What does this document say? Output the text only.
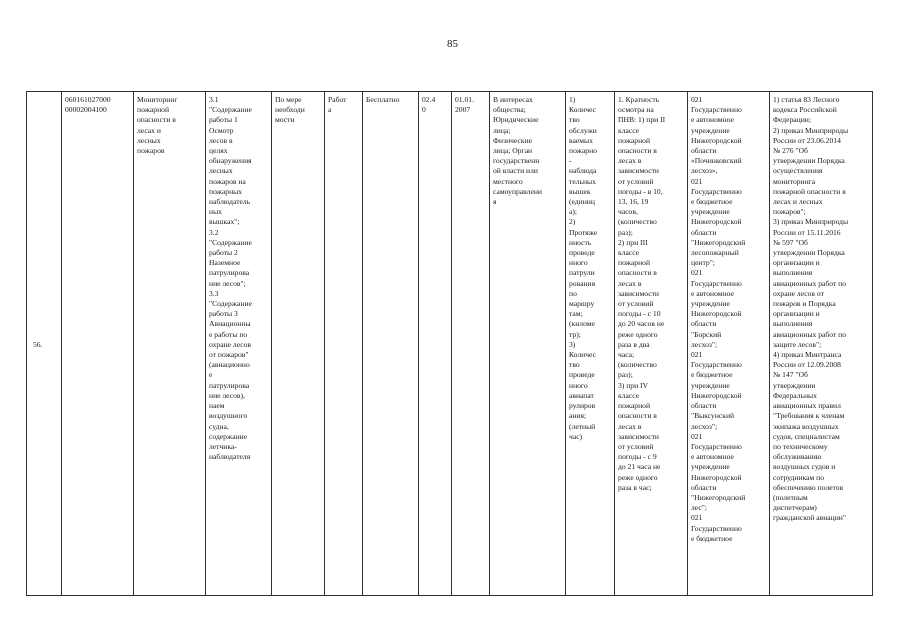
85
56.	
060161027000
00002004100

Мониторинг
пожарной
опасности в
лесах и
лесных
пожаров

3.1
"Содержание
работы 1
Осмотр
лесов в
целях
обнаружения
лесных
пожаров на
пожарных
наблюдатель
ных
вышках";
3.2
"Содержание
работы 2
Наземное
патрулирова
ние лесов";
3.3
"Содержание
работы 3
Авиационны
е работы по
охране лесов
от пожаров"
(авиационно
е
патрулирова
ние лесов),
наем
воздушного
судна,
содержание
летчика-
наблюдателя

По мере
необходи
мости

Работ
а

Бесплатно	02.4
0

01.01.
2007

В интересах
общества;
Юридические
лица;
Физические
лица; Орган
государственн
ой власти или
местного
самоуправлени
я

1)
Количес
тво
обслужи
ваемых
пожарно
-
наблюда
тельных
вышек
(единиц
а);
2)
Протяже
нность
проведе
нного
патрули
рования
по
маршру
там;
(киломе
тр);
3)
Количес
тво
проведе
нного
авиапат
рулиров
ания;
(летный
час)

1. Кратность
осмотра на
ПНВ: 1) при II
классе
пожарной
опасности в
лесах в
зависимости
от условий
погоды - в 10,
13, 16, 19
часов,
(количество
раз);
2) при III
классе
пожарной
опасности в
лесах в
зависимости
от условий
погоды - с 10
до 20 часов не
реже одного
раза в два
часа;
(количество
раз);
3) при IV
классе
пожарной
опасности в
лесах в
зависимости
от условий
погоды - с 9
до 21 часа не
реже одного
раза в час;

021
Государственно
е автономное
учреждение
Нижегородской
области
«Починковский
лесхоз»,
021
Государственно
е бюджетное
учреждение
Нижегородской
области
"Нижегородский
лесопожарный
центр";
021
Государственно
е автономное
учреждение
Нижегородской
области
"Борский
лесхоз";
021
Государственно
е бюджетное
учреждение
Нижегородской
области
"Выксунский
лесхоз";
021
Государственно
е автономное
учреждение
Нижегородской
области
"Нижегородский
лес";
021
Государственно
е бюджетное

1) статья 83 Лесного
кодекса Российской
Федерации;
2) приказ Минприроды
России от 23.06.2014
№ 276 "Об
утверждении Порядка
осуществления
мониторинга
пожарной опасности в
лесах и лесных
пожаров";
3) приказ Минприроды
России от 15.11.2016
№ 597 "Об
утверждении Порядка
организации и
выполнения
авиационных работ по
охране лесов от
пожаров и Порядка
организации и
выполнения
авиационных работ по
защите лесов";
4) приказ Минтранса
России от 12.09.2008
№ 147 "Об
утверждении
Федеральных
авиационных правил
"Требования к членам
экипажа воздушных
судов, специалистам
по техническому
обслуживанию
воздушных судов и
сотрудникам по
обеспечению полетов
(полетным
диспетчерам)
гражданской авиации"
